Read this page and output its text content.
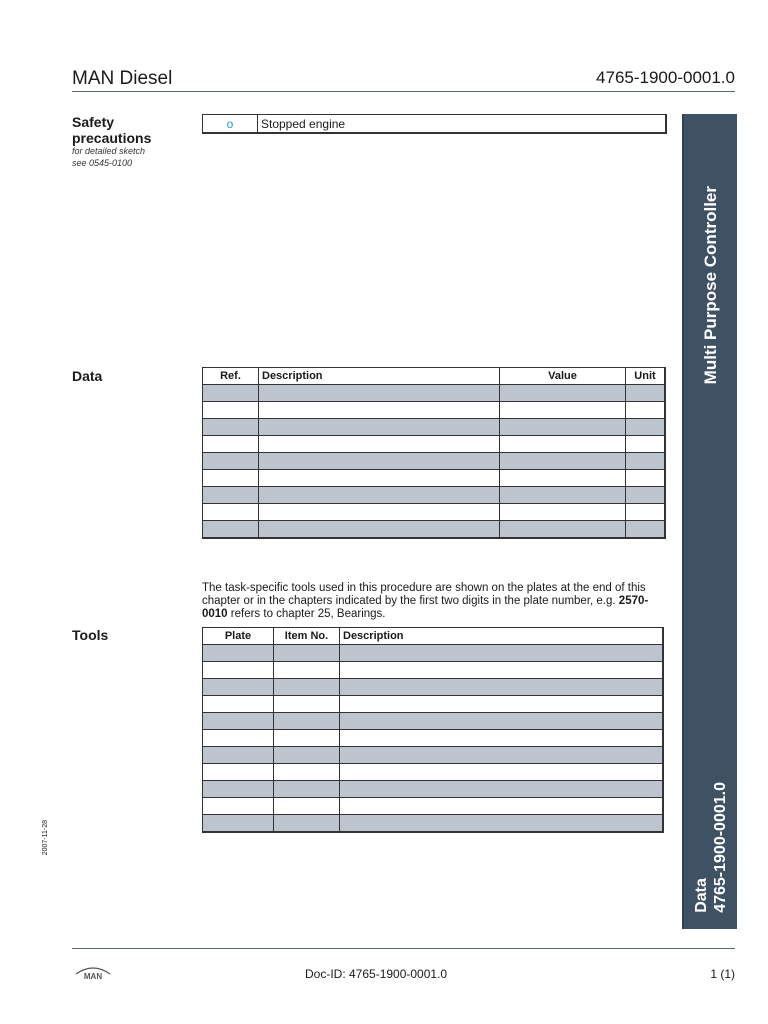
MAN Diesel	4765-1900-0001.0
Multi Purpose Controller
Data 4765-1900-0001.0
Safety precautions
for detailed sketch
see 0545-0100
o	Stopped engine
Data	Ref.	Description	Value	Unit

The task-specific tools used in this procedure are shown on the plates at the end of this chapter or in the chapters indicated by the first two digits in the plate number, e.g. 2570-0010 refers to chapter 25, Bearings.
Tools	Plate	Item No.	Description

2007-11-28
MAN	Doc-ID: 4765-1900-0001.0	1 (1)
